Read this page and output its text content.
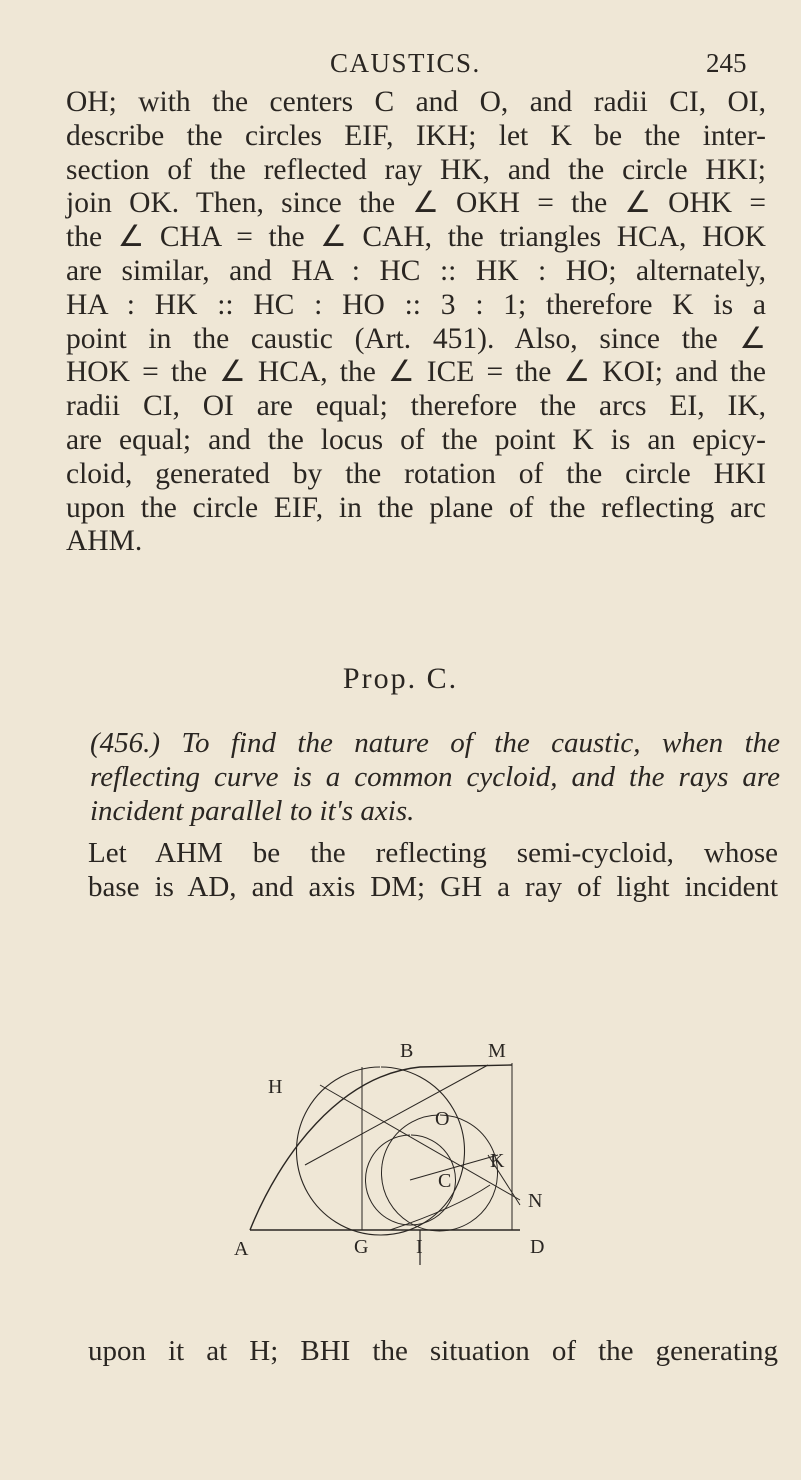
CAUSTICS.	245
OH; with the centers C and O, and radii CI, OI,
describe the circles EIF, IKH; let K be the inter-
section of the reflected ray HK, and the circle HKI;
join OK. Then, since the ∠ OKH = the ∠ OHK =
the ∠ CHA = the ∠ CAH, the triangles HCA, HOK
are similar, and HA : HC :: HK : HO; alternately,
HA : HK :: HC : HO :: 3 : 1; therefore K is a
point in the caustic (Art. 451). Also, since the ∠
HOK = the ∠ HCA, the ∠ ICE = the ∠ KOI; and the
radii CI, OI are equal; therefore the arcs EI, IK,
are equal; and the locus of the point K is an epicy-
cloid, generated by the rotation of the circle HKI
upon the circle EIF, in the plane of the reflecting arc
AHM.
Prop. C.
(456.) To find the nature of the caustic, when the
reflecting curve is a common cycloid, and the rays are
incident parallel to it's axis.
Let AHM be the reflecting semi-cycloid, whose
base is AD, and axis DM; GH a ray of light incident
B	M
H
O
K
C
N
A	G I	D
upon it at H; BHI the situation of the generating
